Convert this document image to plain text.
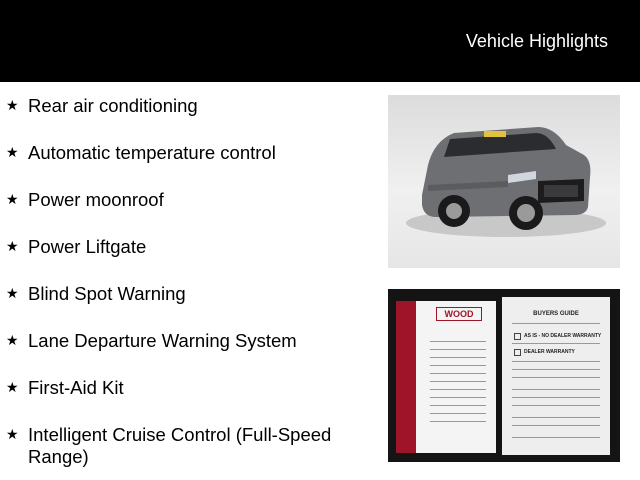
Vehicle Highlights
★ Rear air conditioning
★ Automatic temperature control
★ Power moonroof
★ Power Liftgate
★ Blind Spot Warning
★ Lane Departure Warning System
★ First-Aid Kit
★ Intelligent Cruise Control (Full-Speed Range)
WOOD	BUYERS GUIDE
AS IS - NO DEALER WARRANTY
DEALER WARRANTY
